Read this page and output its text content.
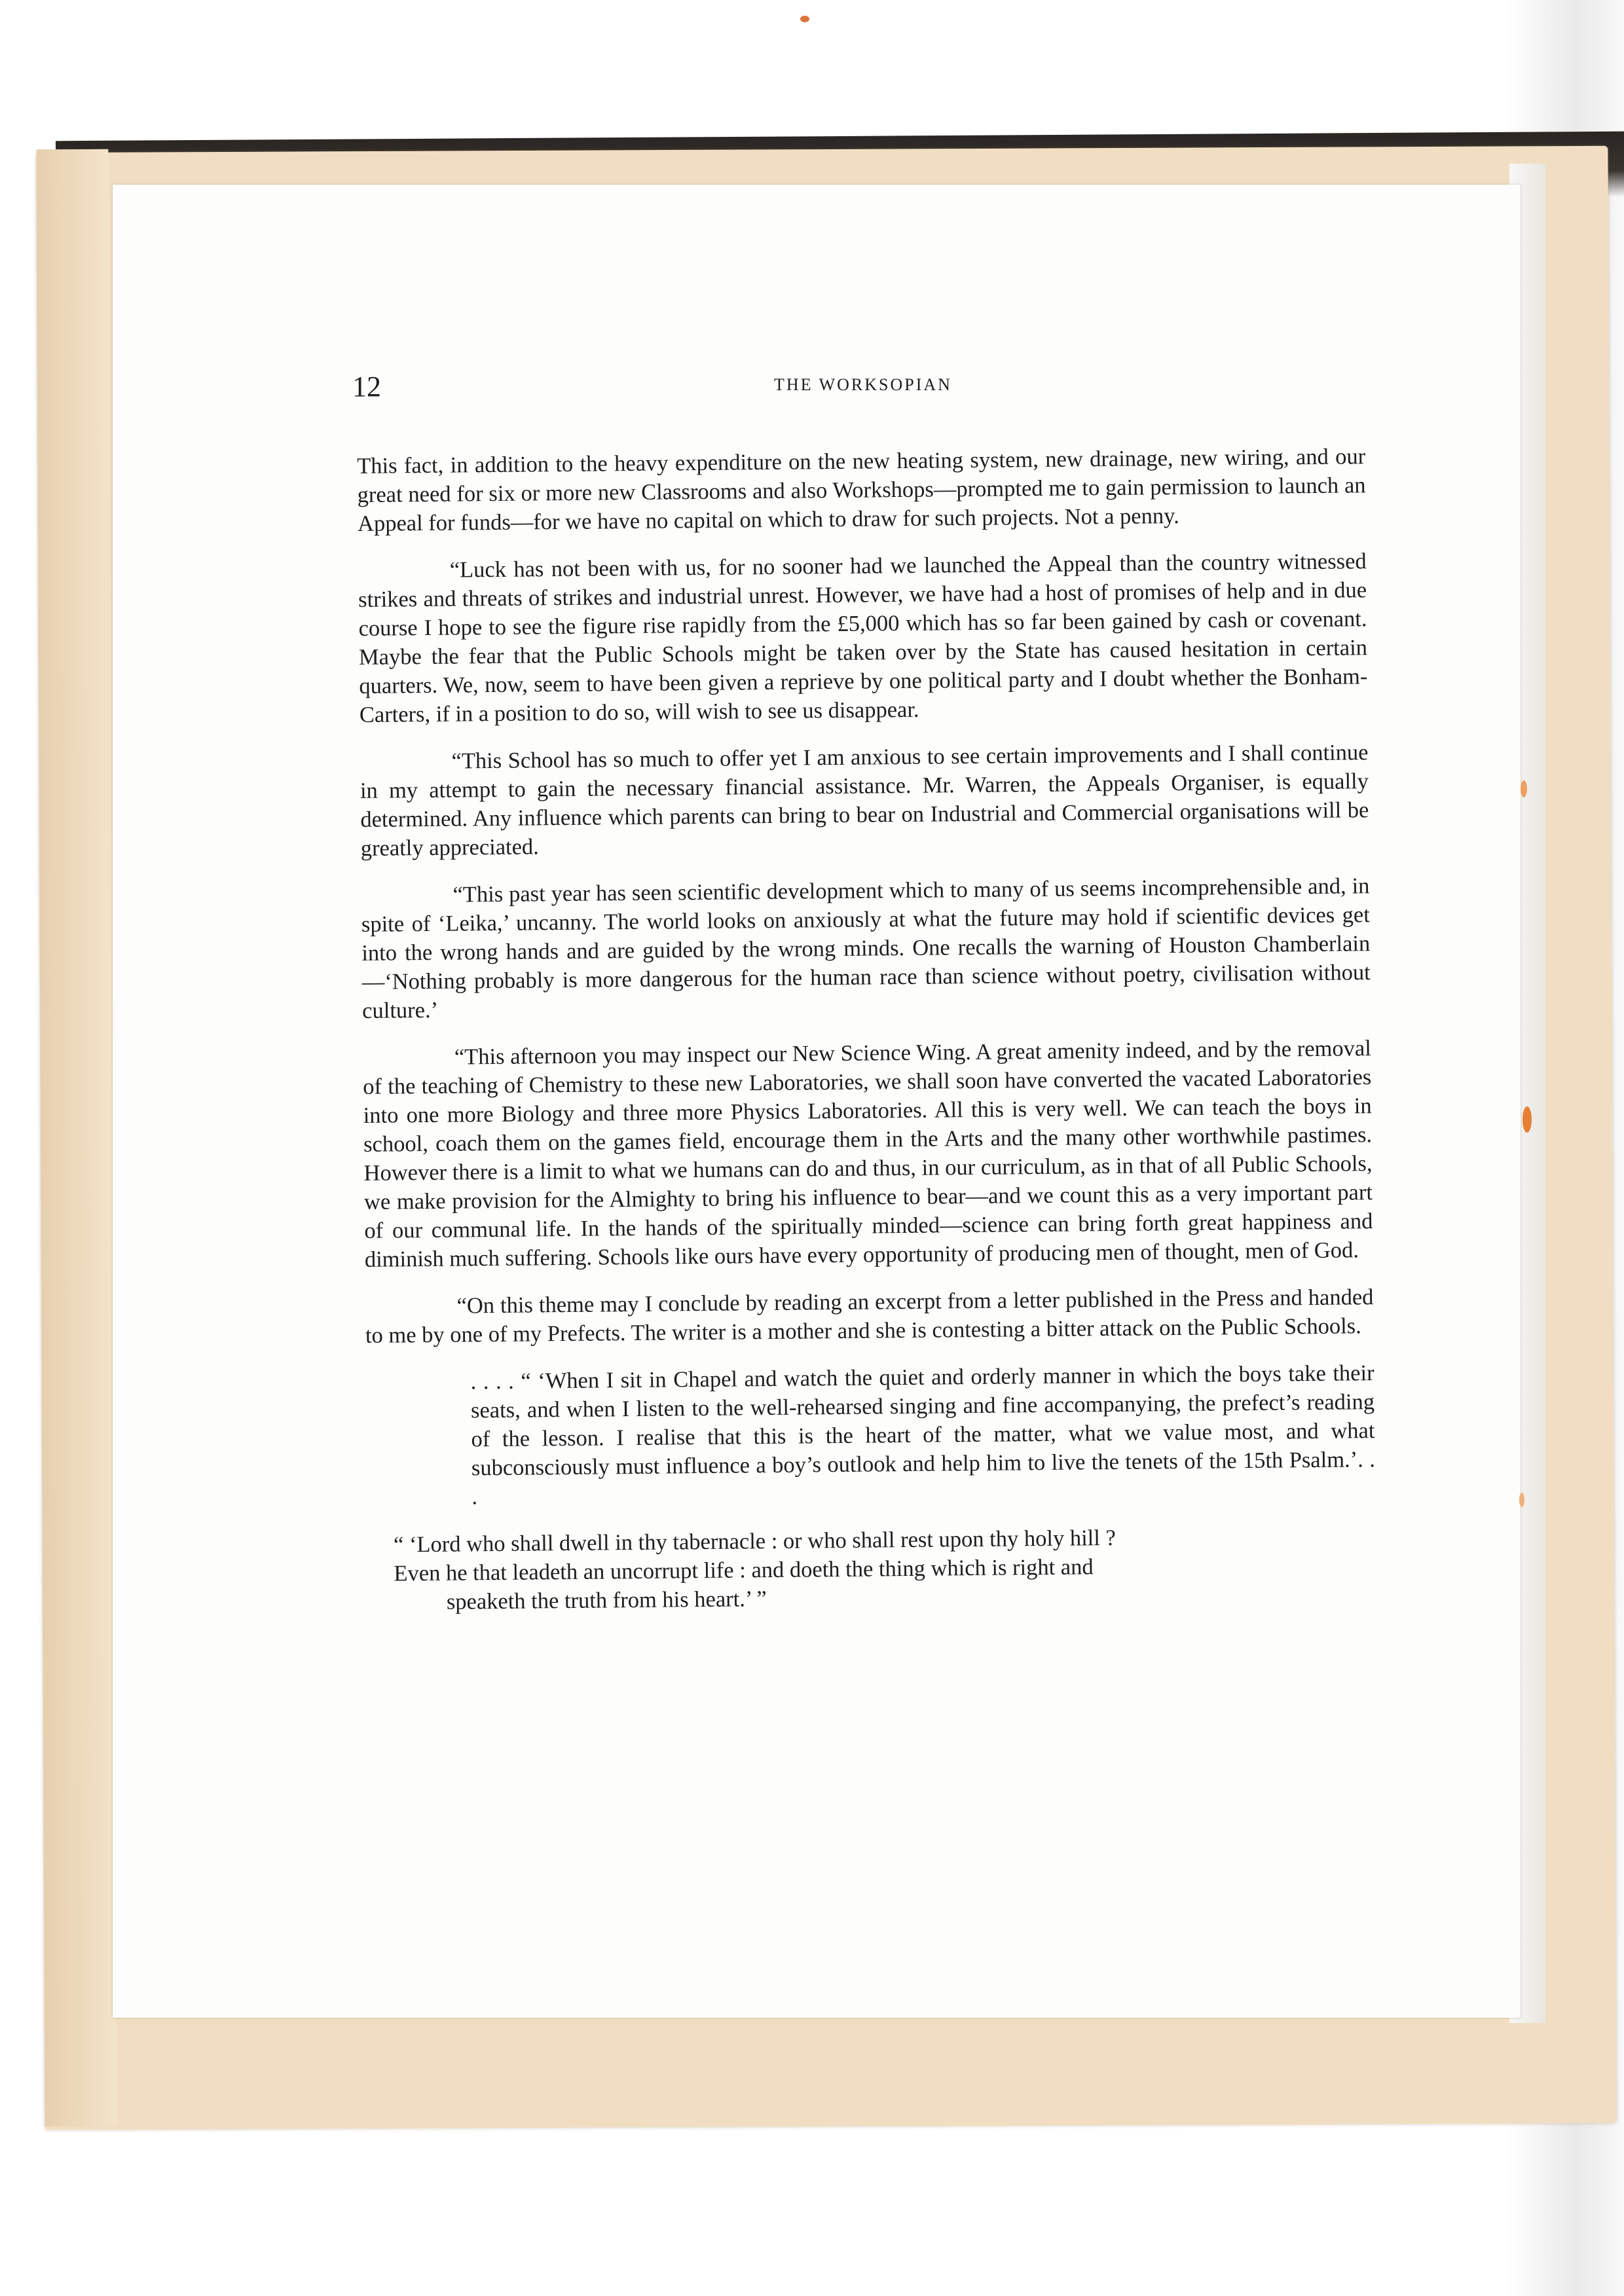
12	THE WORKSOPIAN

This fact, in addition to the heavy expenditure on the new heating system, new drainage, new wiring, and our great need for six or more new Classrooms and also Workshops—prompted me to gain permission to launch an Appeal for funds—for we have no capital on which to draw for such projects. Not a penny.

“Luck has not been with us, for no sooner had we launched the Appeal than the country witnessed strikes and threats of strikes and industrial unrest. However, we have had a host of promises of help and in due course I hope to see the figure rise rapidly from the £5,000 which has so far been gained by cash or covenant. Maybe the fear that the Public Schools might be taken over by the State has caused hesitation in certain quarters. We, now, seem to have been given a reprieve by one political party and I doubt whether the Bonham-Carters, if in a position to do so, will wish to see us disappear.

“This School has so much to offer yet I am anxious to see certain improvements and I shall continue in my attempt to gain the necessary financial assistance. Mr. Warren, the Appeals Organiser, is equally determined. Any influence which parents can bring to bear on Industrial and Commercial organisations will be greatly appreciated.

“This past year has seen scientific development which to many of us seems incomprehensible and, in spite of ‘Leika,’ uncanny. The world looks on anxiously at what the future may hold if scientific devices get into the wrong hands and are guided by the wrong minds. One recalls the warning of Houston Chamberlain—‘Nothing probably is more dangerous for the human race than science without poetry, civilisation without culture.’

“This afternoon you may inspect our New Science Wing. A great amenity indeed, and by the removal of the teaching of Chemistry to these new Laboratories, we shall soon have converted the vacated Laboratories into one more Biology and three more Physics Laboratories. All this is very well. We can teach the boys in school, coach them on the games field, encourage them in the Arts and the many other worthwhile pastimes. However there is a limit to what we humans can do and thus, in our curriculum, as in that of all Public Schools, we make provision for the Almighty to bring his influence to bear—and we count this as a very important part of our communal life. In the hands of the spiritually minded—science can bring forth great happiness and diminish much suffering. Schools like ours have every opportunity of producing men of thought, men of God.

“On this theme may I conclude by reading an excerpt from a letter published in the Press and handed to me by one of my Prefects. The writer is a mother and she is contesting a bitter attack on the Public Schools.

. . . . “ ‘When I sit in Chapel and watch the quiet and orderly manner in which the boys take their seats, and when I listen to the well-rehearsed singing and fine accompanying, the prefect’s reading of the lesson. I realise that this is the heart of the matter, what we value most, and what subconsciously must influence a boy’s outlook and help him to live the tenets of the 15th Psalm.’. . .

“ ‘Lord who shall dwell in thy tabernacle : or who shall rest upon thy holy hill ?
Even he that leadeth an uncorrupt life : and doeth the thing which is right and
speaketh the truth from his heart.’ ”
